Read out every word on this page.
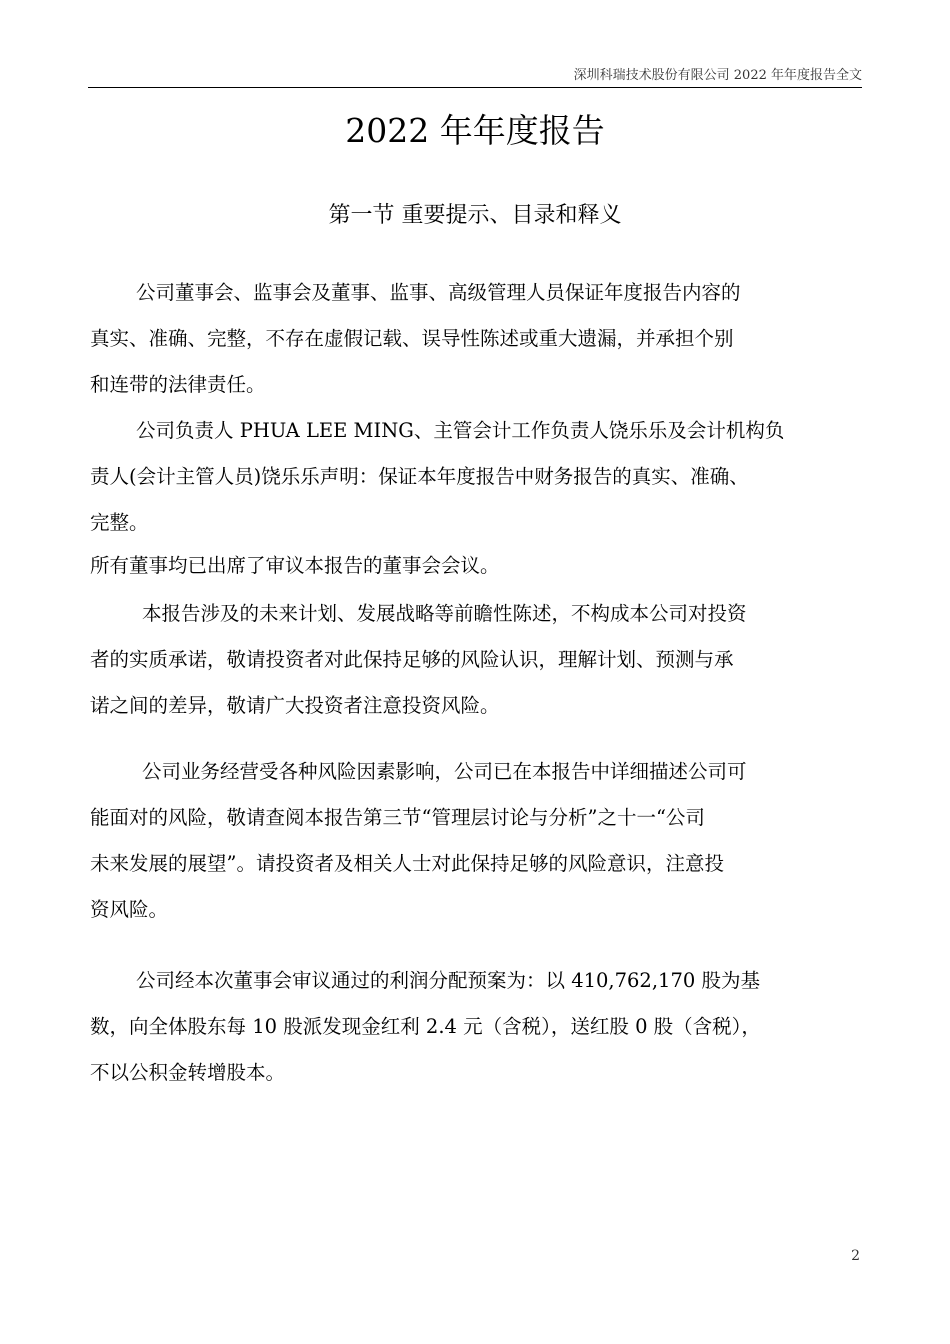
深圳科瑞技术股份有限公司 2022 年年度报告全文
2022 年年度报告
第一节 重要提示、目录和释义
公司董事会、监事会及董事、监事、高级管理人员保证年度报告内容的
真实、准确、完整，不存在虚假记载、误导性陈述或重大遗漏，并承担个别
和连带的法律责任。
公司负责人 PHUA LEE MING、主管会计工作负责人饶乐乐及会计机构负
责人(会计主管人员)饶乐乐声明：保证本年度报告中财务报告的真实、准确、
完整。
所有董事均已出席了审议本报告的董事会会议。
本报告涉及的未来计划、发展战略等前瞻性陈述，不构成本公司对投资
者的实质承诺，敬请投资者对此保持足够的风险认识，理解计划、预测与承
诺之间的差异，敬请广大投资者注意投资风险。
公司业务经营受各种风险因素影响，公司已在本报告中详细描述公司可
能面对的风险，敬请查阅本报告第三节“管理层讨论与分析”之十一“公司
未来发展的展望”。请投资者及相关人士对此保持足够的风险意识，注意投
资风险。
公司经本次董事会审议通过的利润分配预案为：以 410,762,170 股为基
数，向全体股东每 10 股派发现金红利 2.4 元（含税），送红股 0 股（含税），
不以公积金转增股本。
2
